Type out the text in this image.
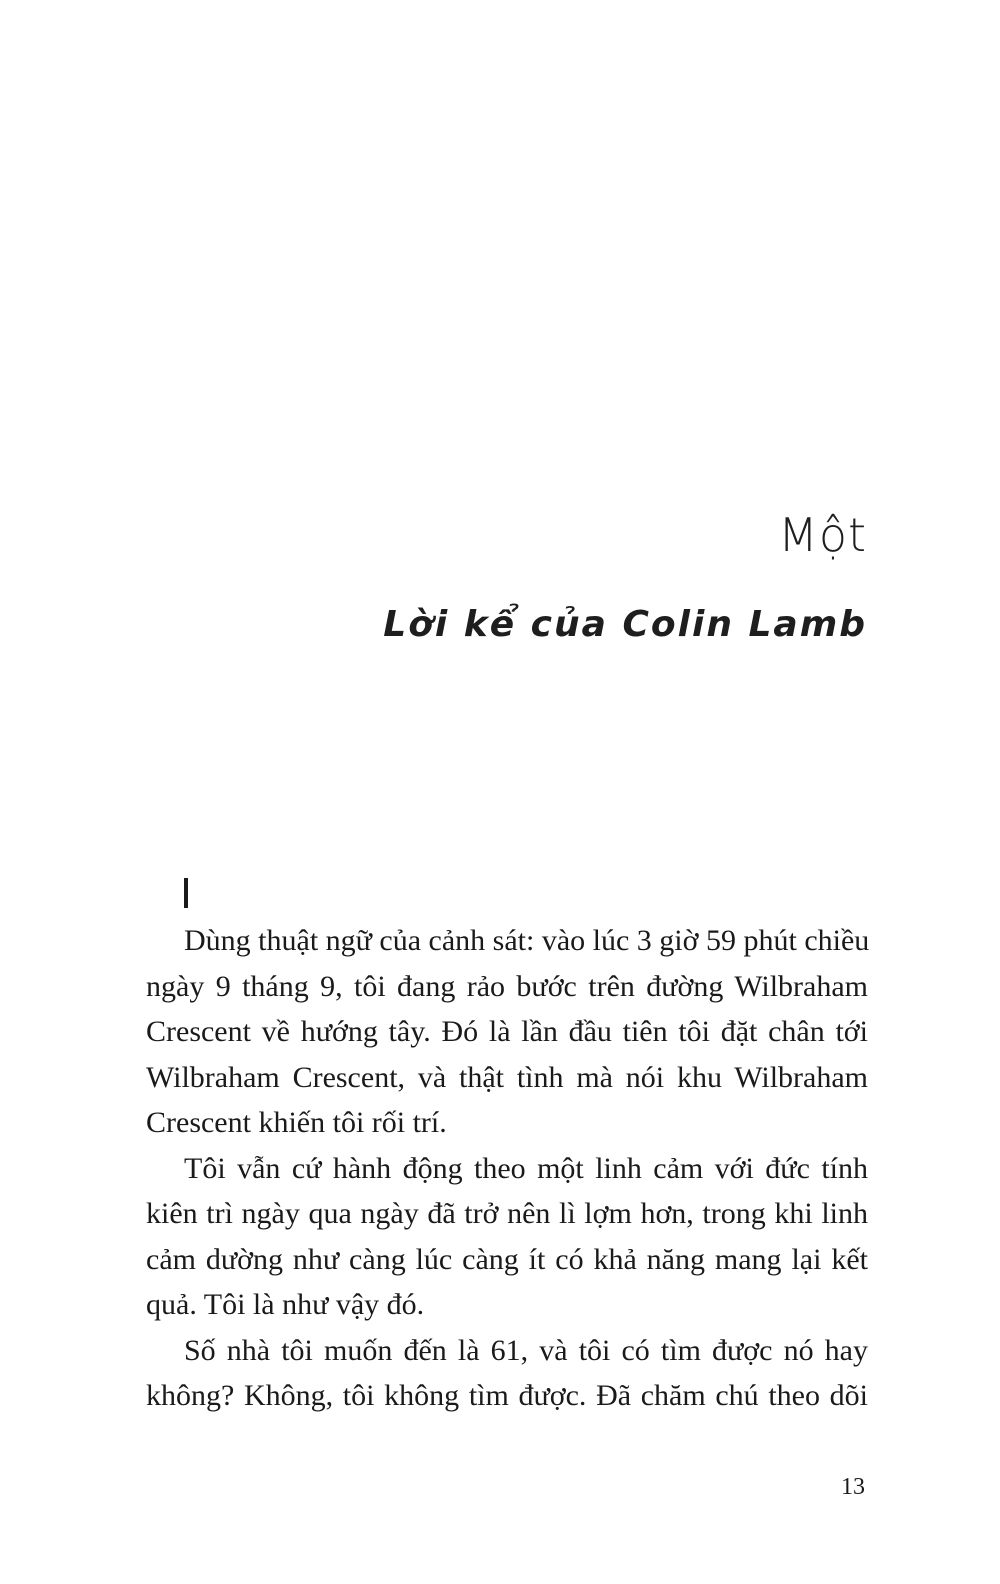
Một
Lời kể của Colin Lamb
Dùng thuật ngữ của cảnh sát: vào lúc 3 giờ 59 phút chiều
ngày 9 tháng 9, tôi đang rảo bước trên đường Wilbraham
Crescent về hướng tây. Đó là lần đầu tiên tôi đặt chân tới
Wilbraham Crescent, và thật tình mà nói khu Wilbraham
Crescent khiến tôi rối trí.
Tôi vẫn cứ hành động theo một linh cảm với đức tính
kiên trì ngày qua ngày đã trở nên lì lợm hơn, trong khi linh
cảm dường như càng lúc càng ít có khả năng mang lại kết
quả. Tôi là như vậy đó.
Số nhà tôi muốn đến là 61, và tôi có tìm được nó hay
không? Không, tôi không tìm được. Đã chăm chú theo dõi
13
